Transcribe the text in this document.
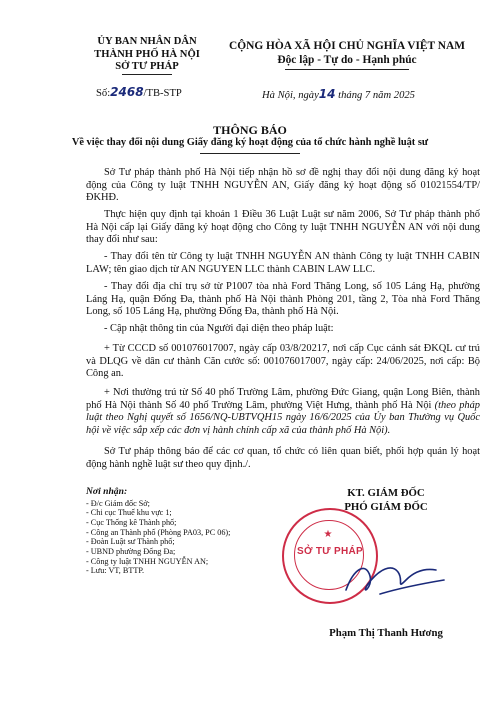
ỦY BAN NHÂN DÂN
THÀNH PHỐ HÀ NỘI
SỞ TƯ PHÁP
Số:2468/TB-STP
CỘNG HÒA XÃ HỘI CHỦ NGHĨA VIỆT NAM
Độc lập - Tự do - Hạnh phúc
Hà Nội, ngày14 tháng 7 năm 2025
THÔNG BÁO
Về việc thay đổi nội dung Giấy đăng ký hoạt động của tổ chức hành nghề luật sư
Sở Tư pháp thành phố Hà Nội tiếp nhận hồ sơ đề nghị thay đổi nội dung đăng ký hoạt động của Công ty luật TNHH NGUYỄN AN, Giấy đăng ký hoạt động số 01021554/TP/ĐKHĐ.
Thực hiện quy định tại khoản 1 Điều 36 Luật Luật sư năm 2006, Sở Tư pháp thành phố Hà Nội cấp lại Giấy đăng ký hoạt động cho Công ty luật TNHH NGUYỄN AN với nội dung thay đổi như sau:
- Thay đổi tên từ Công ty luật TNHH NGUYỄN AN thành Công ty luật TNHH CABIN LAW; tên giao dịch từ AN NGUYEN LLC thành CABIN LAW LLC.
- Thay đổi địa chỉ trụ sở từ P1007 tòa nhà Ford Thăng Long, số 105 Láng Hạ, phường Láng Hạ, quận Đống Đa, thành phố Hà Nội thành Phòng 201, tầng 2, Tòa nhà Ford Thăng Long, số 105 Láng Hạ, phường Đống Đa, thành phố Hà Nội.
- Cập nhật thông tin của Người đại diện theo pháp luật:
+ Từ CCCD số 001076017007, ngày cấp 03/8/20217, nơi cấp Cục cảnh sát ĐKQL cư trú và DLQG về dân cư thành Căn cước số: 001076017007, ngày cấp: 24/06/2025, nơi cấp: Bộ Công an.
+ Nơi thường trú từ Số 40 phố Trường Lâm, phường Đức Giang, quận Long Biên, thành phố Hà Nội thành Số 40 phố Trường Lâm, phường Việt Hưng, thành phố Hà Nội (theo pháp luật theo Nghị quyết số 1656/NQ-UBTVQH15 ngày 16/6/2025 của Ủy ban Thường vụ Quốc hội về việc sắp xếp các đơn vị hành chính cấp xã của thành phố Hà Nội).
Sở Tư pháp thông báo để các cơ quan, tổ chức có liên quan biết, phối hợp quản lý hoạt động hành nghề luật sư theo quy định./.
Nơi nhận:
- Đ/c Giám đốc Sở;
- Chi cục Thuế khu vực 1;
- Cục Thống kê Thành phố;
- Công an Thành phố (Phòng PA03, PC 06);
- Đoàn Luật sư Thành phố;
- UBND phường Đống Đa;
- Công ty luật TNHH NGUYỄN AN;
- Lưu: VT, BTTP.
KT. GIÁM ĐỐC
PHÓ GIÁM ĐỐC
SỞ TƯ PHÁP
★
Phạm Thị Thanh Hương
